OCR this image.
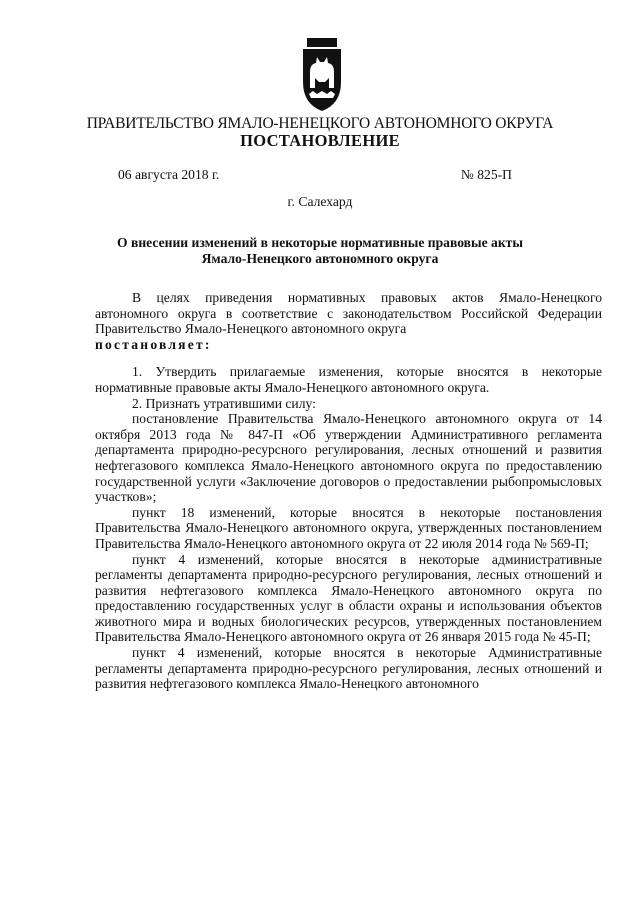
ПРАВИТЕЛЬСТВО ЯМАЛО-НЕНЕЦКОГО АВТОНОМНОГО ОКРУГА
ПОСТАНОВЛЕНИЕ
06 августа 2018 г.	№ 825-П
г. Салехард
О внесении изменений в некоторые нормативные правовые акты Ямало-Ненецкого автономного округа

В целях приведения нормативных правовых актов Ямало-Ненецкого автономного округа в соответствие с законодательством Российской Федерации Правительство Ямало-Ненецкого автономного округа

постановляет:

1. Утвердить прилагаемые изменения, которые вносятся в некоторые нормативные правовые акты Ямало-Ненецкого автономного округа.

2. Признать утратившими силу:

постановление Правительства Ямало-Ненецкого автономного округа от 14 октября 2013 года № 847-П «Об утверждении Административного регламента департамента природно-ресурсного регулирования, лесных отношений и развития нефтегазового комплекса Ямало-Ненецкого автономного округа по предоставлению государственной услуги «Заключение договоров о предоставлении рыбопромысловых участков»;

пункт 18 изменений, которые вносятся в некоторые постановления Правительства Ямало-Ненецкого автономного округа, утвержденных постановлением Правительства Ямало-Ненецкого автономного округа от 22 июля 2014 года № 569-П;

пункт 4 изменений, которые вносятся в некоторые административные регламенты департамента природно-ресурсного регулирования, лесных отношений и развития нефтегазового комплекса Ямало-Ненецкого автономного округа по предоставлению государственных услуг в области охраны и использования объектов животного мира и водных биологических ресурсов, утвержденных постановлением Правительства Ямало-Ненецкого автономного округа от 26 января 2015 года № 45-П;

пункт 4 изменений, которые вносятся в некоторые Административные регламенты департамента природно-ресурсного регулирования, лесных отношений и развития нефтегазового комплекса Ямало-Ненецкого автономного
